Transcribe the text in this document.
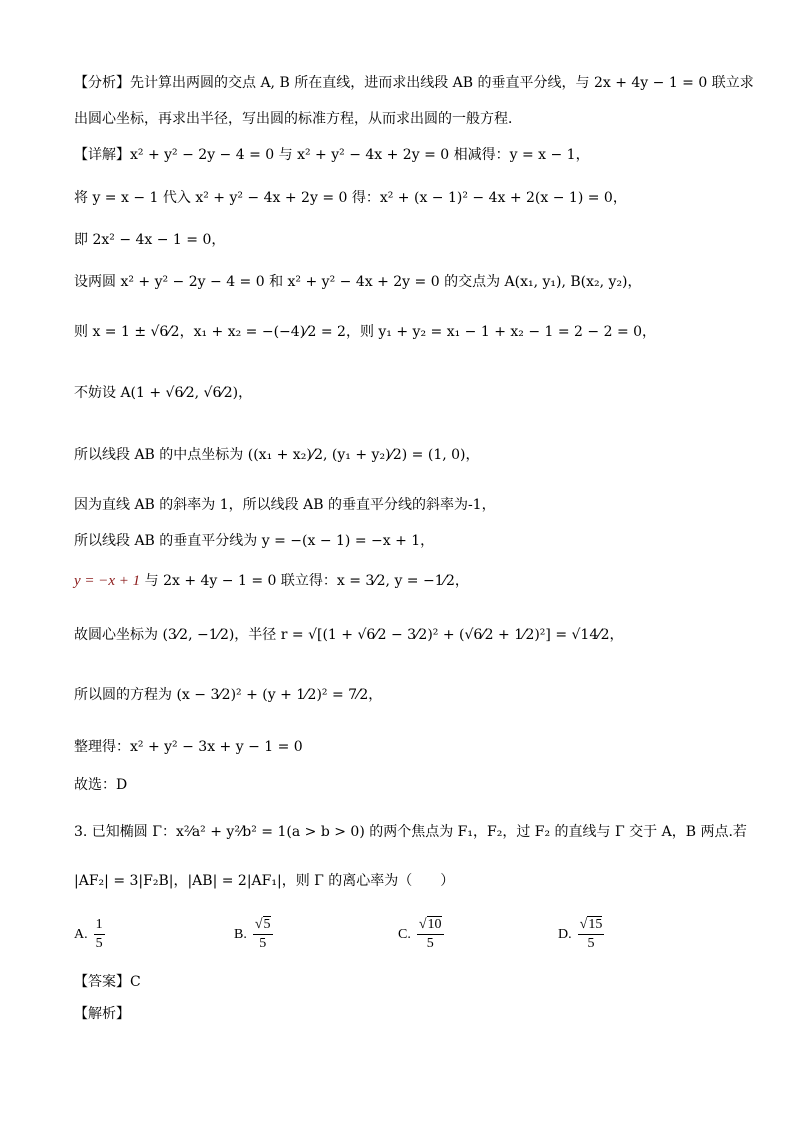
【分析】先计算出两圆的交点 A, B 所在直线，进而求出线段 AB 的垂直平分线，与 2x + 4y − 1 = 0 联立求
出圆心坐标，再求出半径，写出圆的标准方程，从而求出圆的一般方程．
【详解】x² + y² − 2y − 4 = 0 与 x² + y² − 4x + 2y = 0 相减得：y = x − 1，
将 y = x − 1 代入 x² + y² − 4x + 2y = 0 得：x² + (x − 1)² − 4x + 2(x − 1) = 0，
即 2x² − 4x − 1 = 0，
设两圆 x² + y² − 2y − 4 = 0 和 x² + y² − 4x + 2y = 0 的交点为 A(x₁, y₁), B(x₂, y₂)，
则 x = 1 ± √6⁄2，x₁ + x₂ = −(−4)⁄2 = 2，则 y₁ + y₂ = x₁ − 1 + x₂ − 1 = 2 − 2 = 0，
不妨设 A(1 + √6⁄2, √6⁄2)，
所以线段 AB 的中点坐标为 ((x₁ + x₂)⁄2, (y₁ + y₂)⁄2) = (1, 0)，
因为直线 AB 的斜率为 1，所以线段 AB 的垂直平分线的斜率为-1，
所以线段 AB 的垂直平分线为 y = −(x − 1) = −x + 1，
y = −x + 1 与 2x + 4y − 1 = 0 联立得：x = 3⁄2, y = −1⁄2，
故圆心坐标为 (3⁄2, −1⁄2)，半径 r = √[(1 + √6⁄2 − 3⁄2)² + (√6⁄2 + 1⁄2)²] = √14⁄2，
所以圆的方程为 (x − 3⁄2)² + (y + 1⁄2)² = 7⁄2，
整理得：x² + y² − 3x + y − 1 = 0
故选：D
3. 已知椭圆 Γ：x²⁄a² + y²⁄b² = 1(a > b > 0) 的两个焦点为 F₁，F₂，过 F₂ 的直线与 Γ 交于 A，B 两点.若
|AF₂| = 3|F₂B|，|AB| = 2|AF₁|，则 Γ 的离心率为（　　）
A. $\frac{1}{5}$	B. $\frac{√5}{5}$	C. $\frac{√10}{5}$	D. $\frac{√15}{5}$
【答案】C
【解析】
